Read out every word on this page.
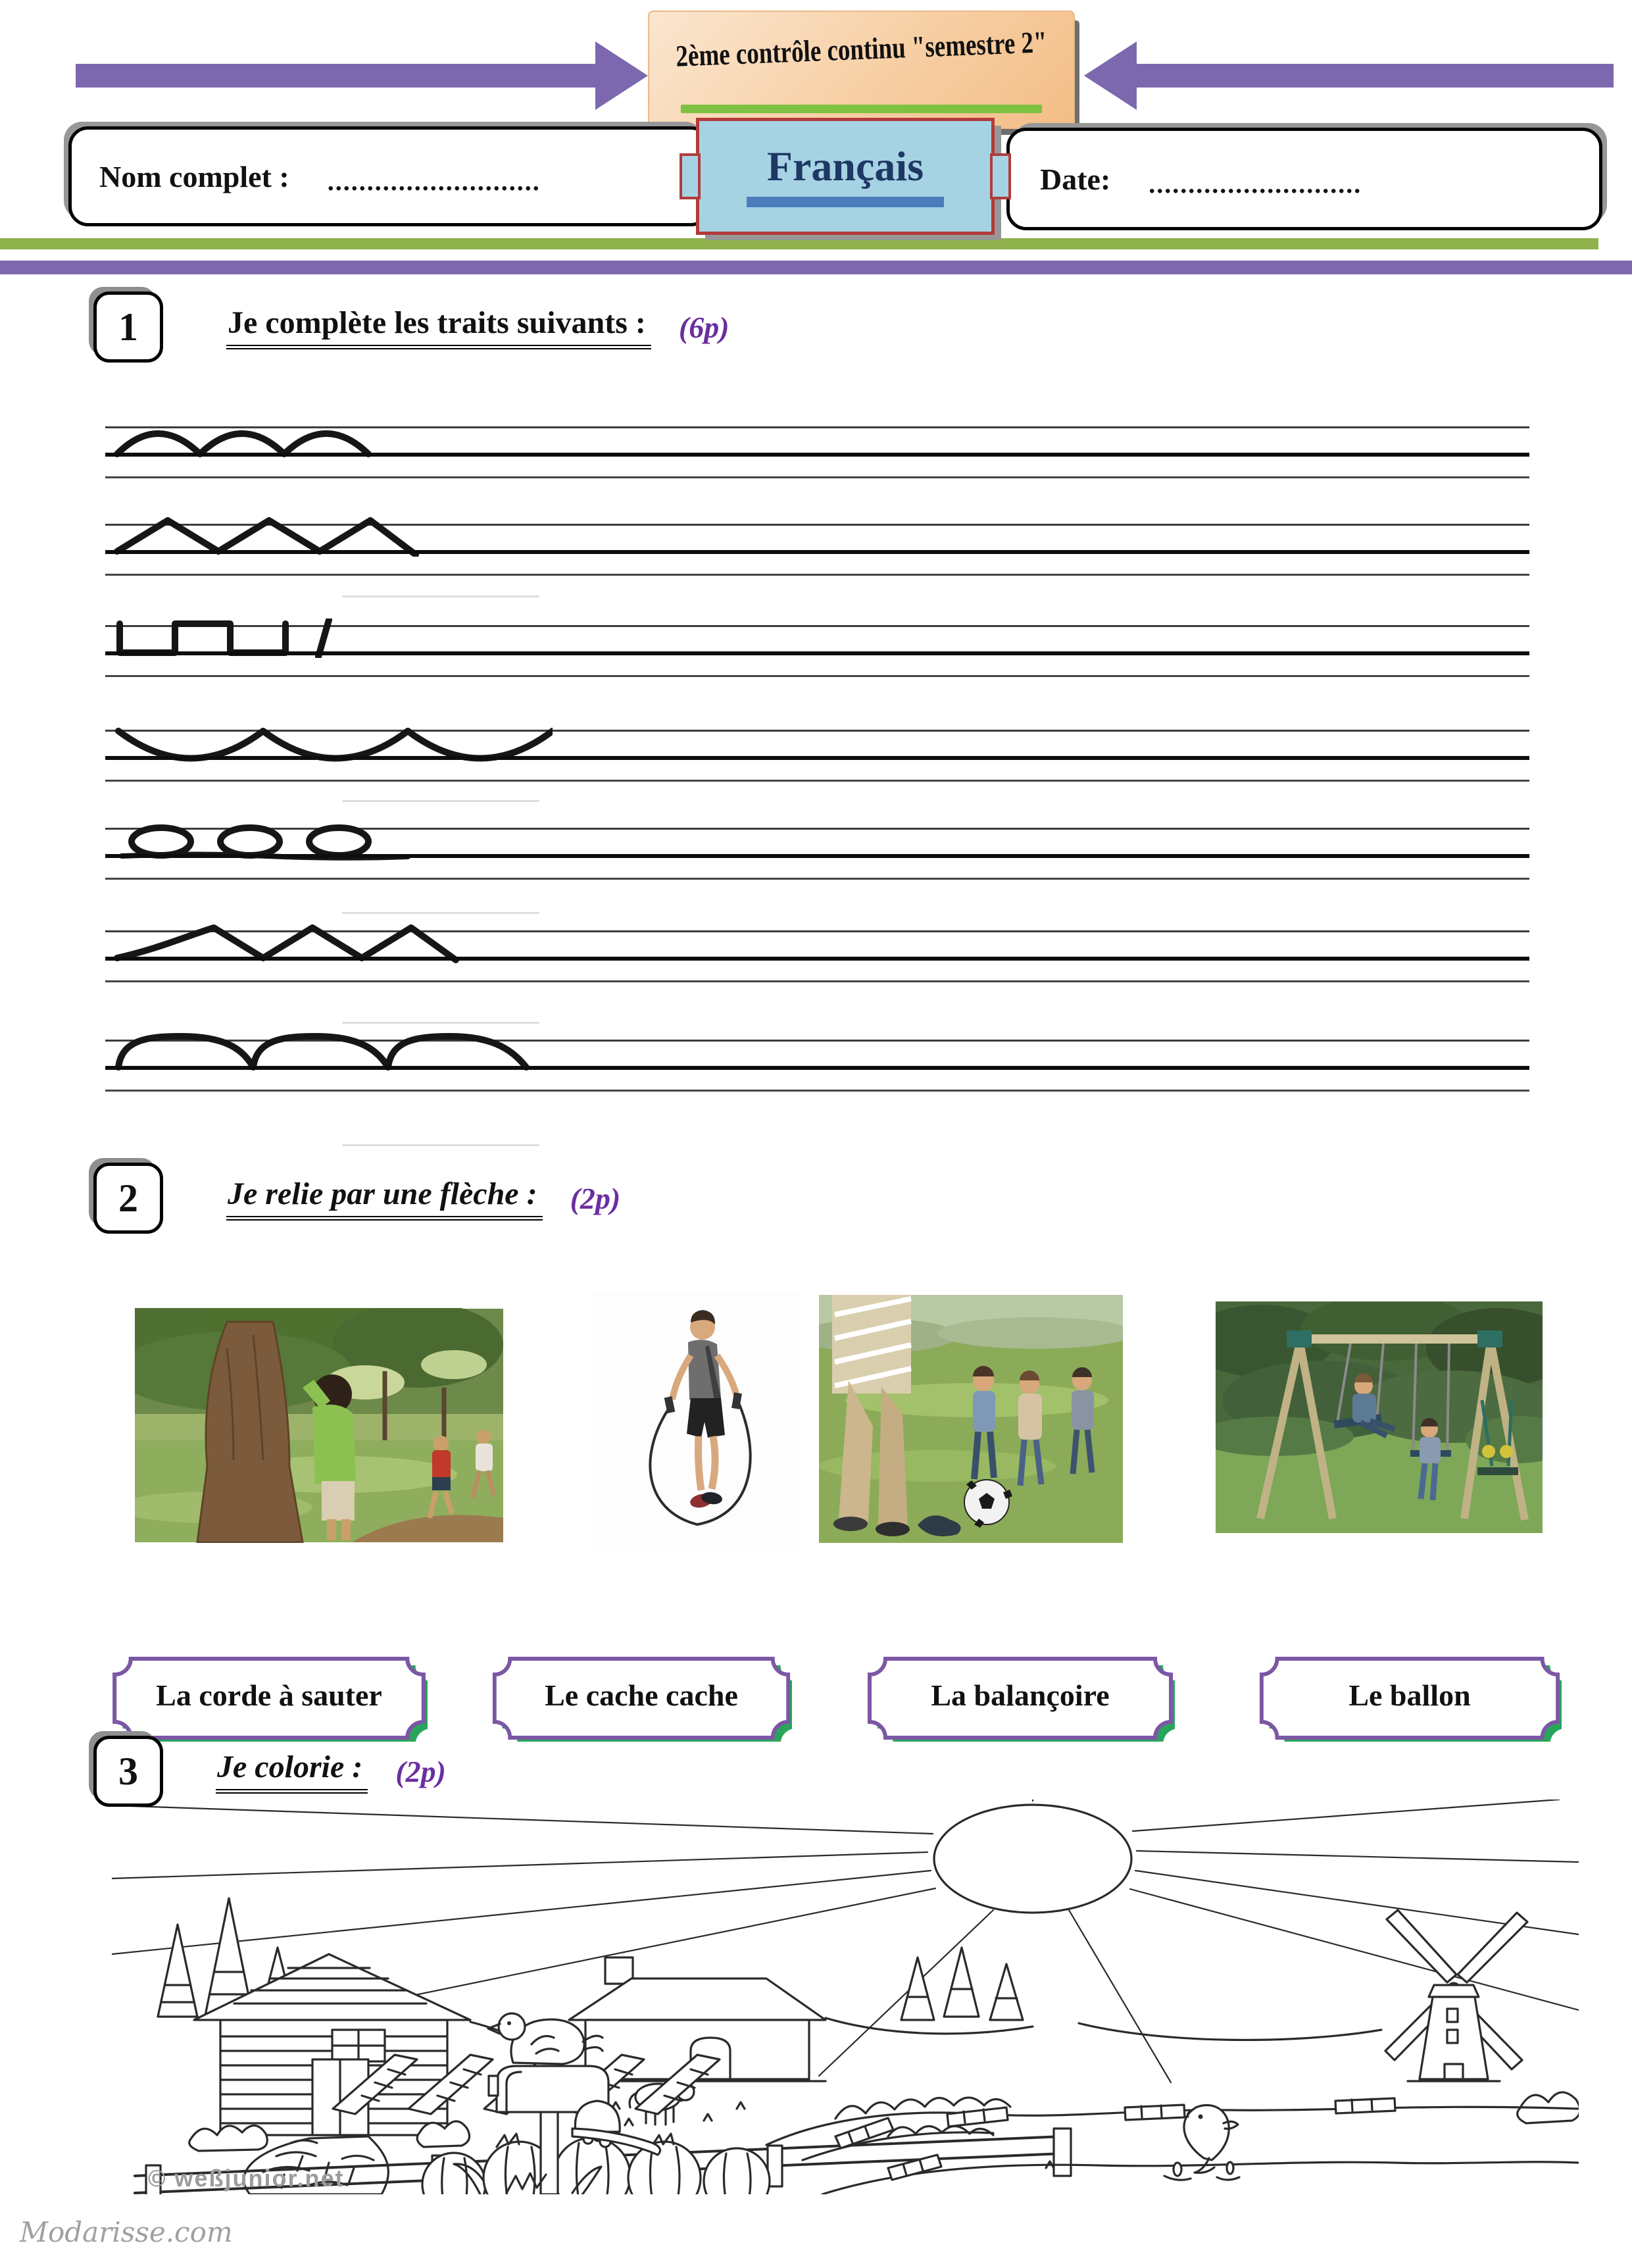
2ème contrôle continu "semestre 2"
Nom complet : ...........................	Français	Date: ...........................
1	Je complète les traits suivants : (6p)
2	Je relie par une flèche : (2p)
La corde à sauter	Le cache cache	La balançoire	Le ballon
3	Je colorie : (2p)
© weßjunior.net
Modarisse.com
